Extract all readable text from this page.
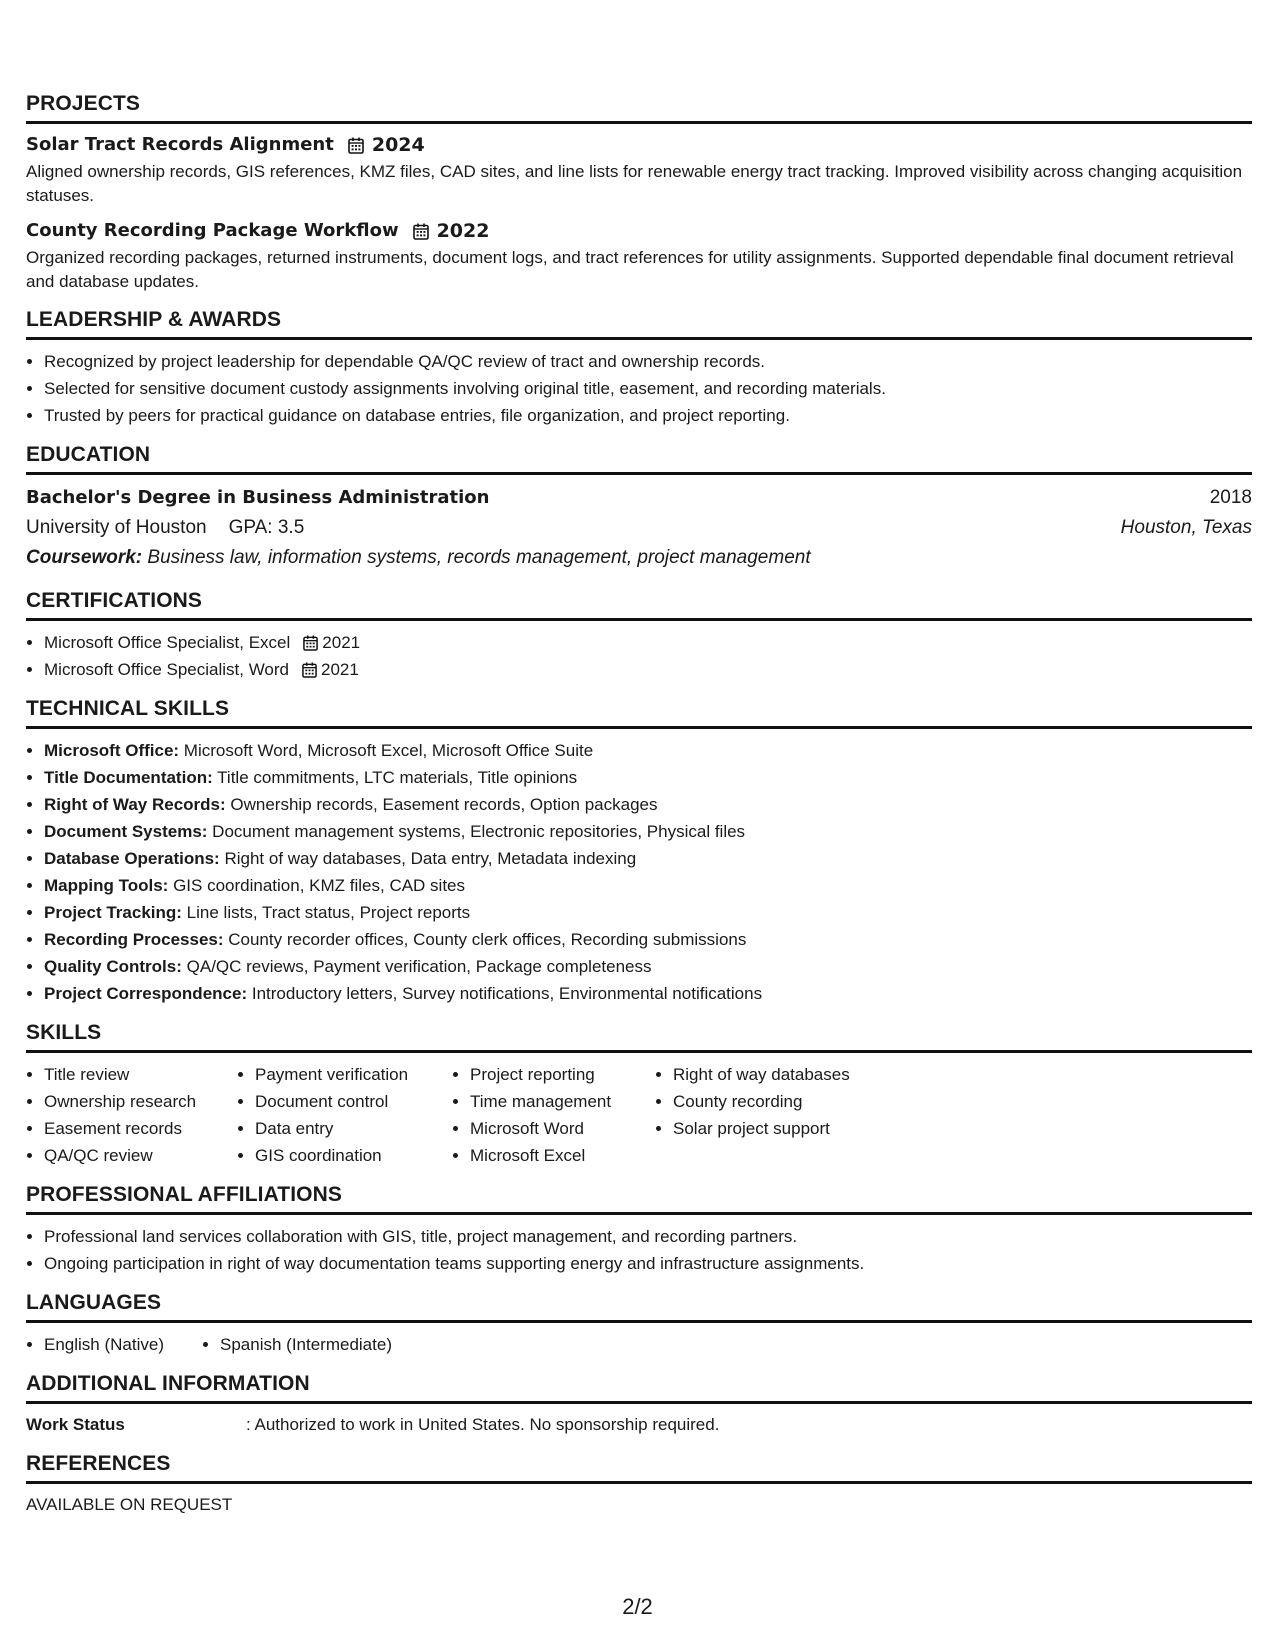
PROJECTS
Solar Tract Records Alignment 2024
Aligned ownership records, GIS references, KMZ files, CAD sites, and line lists for renewable energy tract tracking. Improved visibility across changing acquisition statuses.
County Recording Package Workflow 2022
Organized recording packages, returned instruments, document logs, and tract references for utility assignments. Supported dependable final document retrieval and database updates.
LEADERSHIP & AWARDS
• Recognized by project leadership for dependable QA/QC review of tract and ownership records.
• Selected for sensitive document custody assignments involving original title, easement, and recording materials.
• Trusted by peers for practical guidance on database entries, file organization, and project reporting.
EDUCATION
Bachelor's Degree in Business Administration	2018
University of Houston GPA: 3.5	Houston, Texas
Coursework: Business law, information systems, records management, project management
CERTIFICATIONS
• Microsoft Office Specialist, Excel 2021
• Microsoft Office Specialist, Word 2021
TECHNICAL SKILLS
• Microsoft Office: Microsoft Word, Microsoft Excel, Microsoft Office Suite
• Title Documentation: Title commitments, LTC materials, Title opinions
• Right of Way Records: Ownership records, Easement records, Option packages
• Document Systems: Document management systems, Electronic repositories, Physical files
• Database Operations: Right of way databases, Data entry, Metadata indexing
• Mapping Tools: GIS coordination, KMZ files, CAD sites
• Project Tracking: Line lists, Tract status, Project reports
• Recording Processes: County recorder offices, County clerk offices, Recording submissions
• Quality Controls: QA/QC reviews, Payment verification, Package completeness
• Project Correspondence: Introductory letters, Survey notifications, Environmental notifications
SKILLS
• Title review
• Ownership research
• Easement records
• QA/QC review
• Payment verification
• Document control
• Data entry
• GIS coordination
• Project reporting
• Time management
• Microsoft Word
• Microsoft Excel
• Right of way databases
• County recording
• Solar project support
PROFESSIONAL AFFILIATIONS
• Professional land services collaboration with GIS, title, project management, and recording partners.
• Ongoing participation in right of way documentation teams supporting energy and infrastructure assignments.
LANGUAGES
• English (Native)
•	Spanish (Intermediate)
ADDITIONAL INFORMATION
Work Status	: Authorized to work in United States. No sponsorship required.
REFERENCES
AVAILABLE ON REQUEST
2/2
